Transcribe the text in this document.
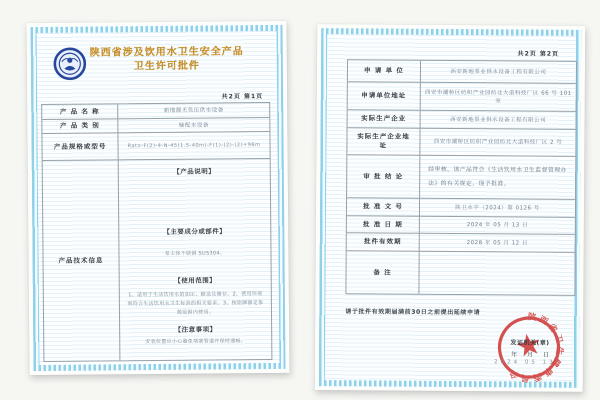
陕西省涉及饮用水卫生安全产品
卫生许可批件
共2页 第1页
产 品 名 称	新地源无负压供水设备
产 品 类 别	输配水设备
产品规格或型号	Rato-F(2)-4-N-45(1.5-40m)-F(1)-(2)-(2)+96m
产品技术信息
【产品说明】
【主要成分或部件】
泵主体不锈钢 SUS304。
【使用范围】
1、适用于生活饮用水的加压、输送及储存。2、使用环境须符合生活饮用水卫生标准的相关要求。3、按铭牌额定参数范围内使用。
【注意事项】
安装位置应小心避免堵塞管道并保持通畅。
共2页 第2页
申 请 单 位	西安新地泵业供水设备工程有限公司
申请单位地址	西安市灞桥区纺织产业园纺北大道科技厂区 66 号 101 室
实际生产企业	西安新地泵业供水设备工程有限公司
实际生产企业地址	西安市灞桥区纺织产业园纺北大道科技厂区 2 号
审 批 结 论
经审核，该产品符合《生活饮用水卫生监督管理办法》的有关规定，现予批准。
批 准 文 号	陕卫水字（2024）第 0126 号
批 准 日 期	2024 年 05 月 13 日
批件有效期	2028 年 05 月 12 日
备 注
请于批件有效期届满前30日之前提出延续申请	陕西省卫生健康委员会
发证机关(章)
年 月 日
2024 05 13
